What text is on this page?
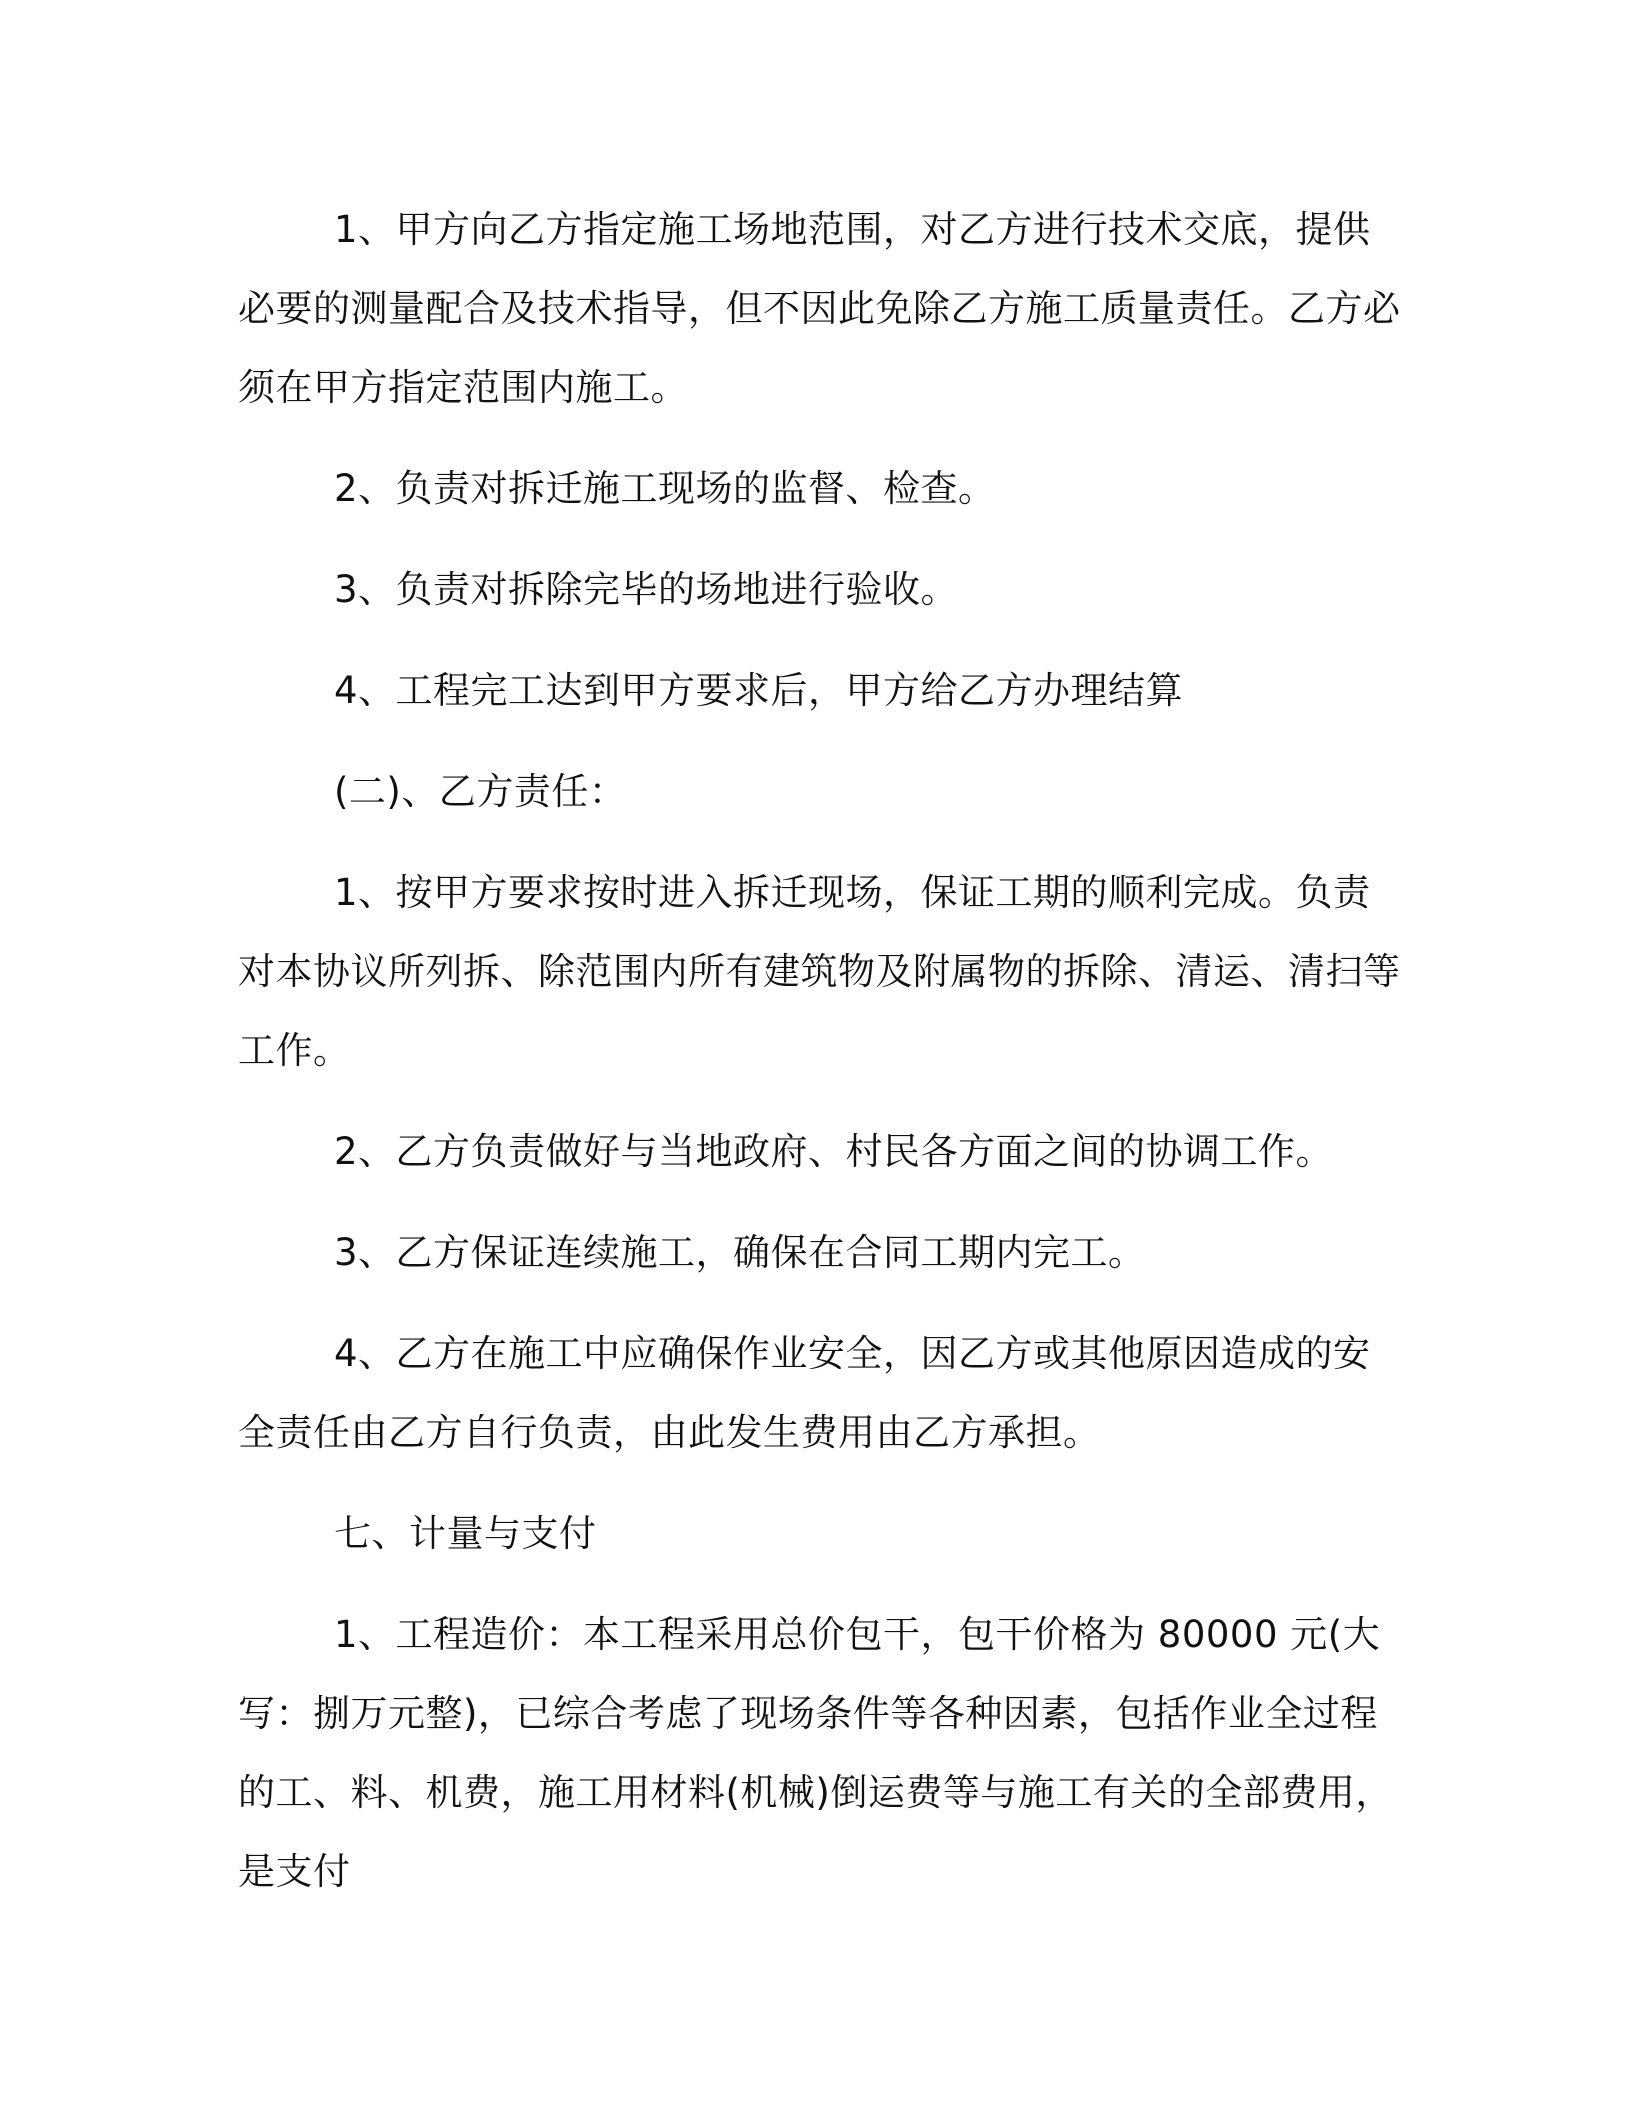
1、甲方向乙方指定施工场地范围，对乙方进行技术交底，提供必要的测量配合及技术指导，但不因此免除乙方施工质量责任。乙方必须在甲方指定范围内施工。

2、负责对拆迁施工现场的监督、检查。

3、负责对拆除完毕的场地进行验收。

4、工程完工达到甲方要求后，甲方给乙方办理结算

(二)、乙方责任：

1、按甲方要求按时进入拆迁现场，保证工期的顺利完成。负责对本协议所列拆、除范围内所有建筑物及附属物的拆除、清运、清扫等工作。

2、乙方负责做好与当地政府、村民各方面之间的协调工作。

3、乙方保证连续施工，确保在合同工期内完工。

4、乙方在施工中应确保作业安全，因乙方或其他原因造成的安全责任由乙方自行负责，由此发生费用由乙方承担。

七、计量与支付

1、工程造价：本工程采用总价包干，包干价格为 80000 元(大写：捌万元整)，已综合考虑了现场条件等各种因素，包括作业全过程的工、料、机费，施工用材料(机械)倒运费等与施工有关的全部费用，是支付
